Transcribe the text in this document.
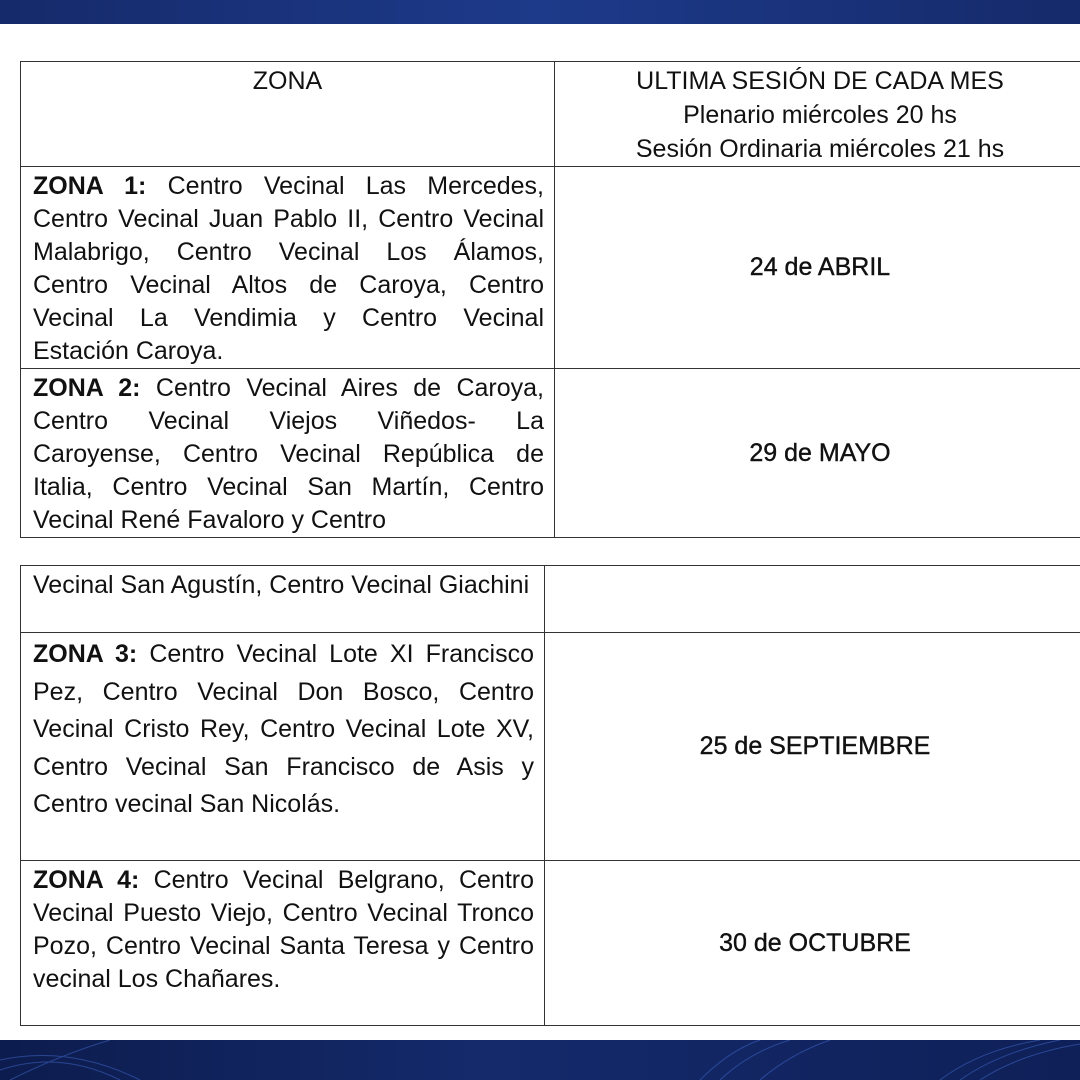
ZONA	ULTIMA SESIÓN DE CADA MES
Plenario miércoles 20 hs
Sesión Ordinaria miércoles 21 hs

ZONA 1: Centro Vecinal Las Mercedes, Centro Vecinal Juan Pablo II, Centro Vecinal Malabrigo, Centro Vecinal Los Álamos, Centro Vecinal Altos de Caroya, Centro Vecinal La Vendimia y Centro Vecinal Estación Caroya.	24 de ABRIL
ZONA 2: Centro Vecinal Aires de Caroya, Centro Vecinal Viejos Viñedos- La Caroyense, Centro Vecinal República de Italia, Centro Vecinal San Martín, Centro Vecinal René Favaloro y Centro	29 de MAYO
Vecinal San Agustín, Centro Vecinal Giachini	
ZONA 3: Centro Vecinal Lote XI Francisco Pez, Centro Vecinal Don Bosco, Centro Vecinal Cristo Rey, Centro Vecinal Lote XV, Centro Vecinal San Francisco de Asis y Centro vecinal San Nicolás.	25 de SEPTIEMBRE
ZONA 4: Centro Vecinal Belgrano, Centro Vecinal Puesto Viejo, Centro Vecinal Tronco Pozo, Centro Vecinal Santa Teresa y Centro vecinal Los Chañares.	30 de OCTUBRE
